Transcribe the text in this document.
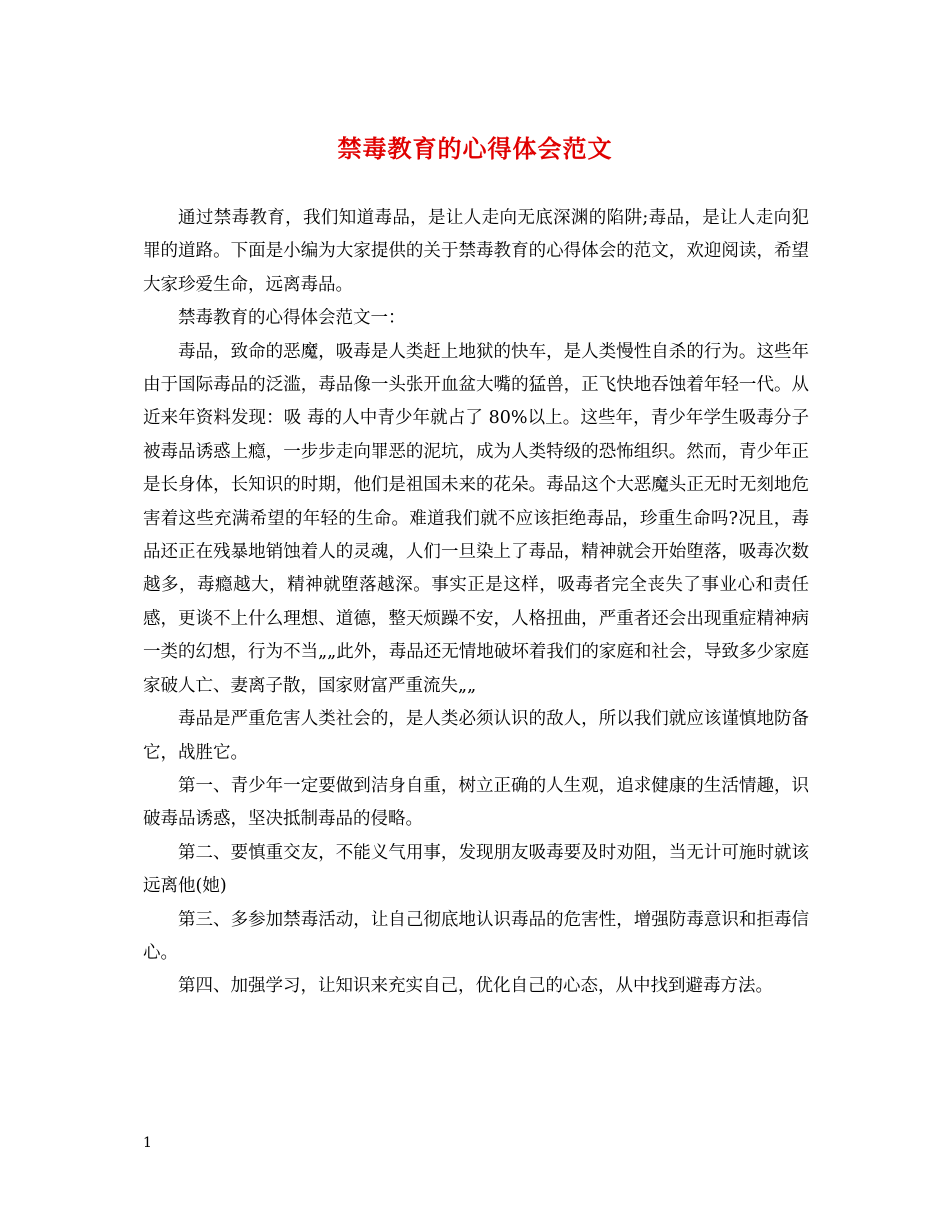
禁毒教育的心得体会范文

通过禁毒教育，我们知道毒品，是让人走向无底深渊的陷阱;毒品，是让人走向犯罪的道路。下面是小编为大家提供的关于禁毒教育的心得体会的范文，欢迎阅读，希望大家珍爱生命，远离毒品。

禁毒教育的心得体会范文一：

毒品，致命的恶魔，吸毒是人类赶上地狱的快车，是人类慢性自杀的行为。这些年由于国际毒品的泛滥，毒品像一头张开血盆大嘴的猛兽，正飞快地吞蚀着年轻一代。从近来年资料发现：吸 毒的人中青少年就占了 80%以上。这些年，青少年学生吸毒分子被毒品诱惑上瘾，一步步走向罪恶的泥坑，成为人类特级的恐怖组织。然而，青少年正是长身体，长知识的时期，他们是祖国未来的花朵。毒品这个大恶魔头正无时无刻地危害着这些充满希望的年轻的生命。难道我们就不应该拒绝毒品，珍重生命吗?况且，毒品还正在残暴地销蚀着人的灵魂，人们一旦染上了毒品，精神就会开始堕落，吸毒次数越多，毒瘾越大，精神就堕落越深。事实正是这样，吸毒者完全丧失了事业心和责任感，更谈不上什么理想、道德，整天烦躁不安，人格扭曲，严重者还会出现重症精神病一类的幻想，行为不当„„此外，毒品还无情地破坏着我们的家庭和社会，导致多少家庭家破人亡、妻离子散，国家财富严重流失„„

毒品是严重危害人类社会的，是人类必须认识的敌人，所以我们就应该谨慎地防备它，战胜它。

第一、青少年一定要做到洁身自重，树立正确的人生观，追求健康的生活情趣，识破毒品诱惑，坚决抵制毒品的侵略。

第二、要慎重交友，不能义气用事，发现朋友吸毒要及时劝阻，当无计可施时就该远离他(她)

第三、多参加禁毒活动，让自己彻底地认识毒品的危害性，增强防毒意识和拒毒信心。

第四、加强学习，让知识来充实自己，优化自己的心态，从中找到避毒方法。

1
